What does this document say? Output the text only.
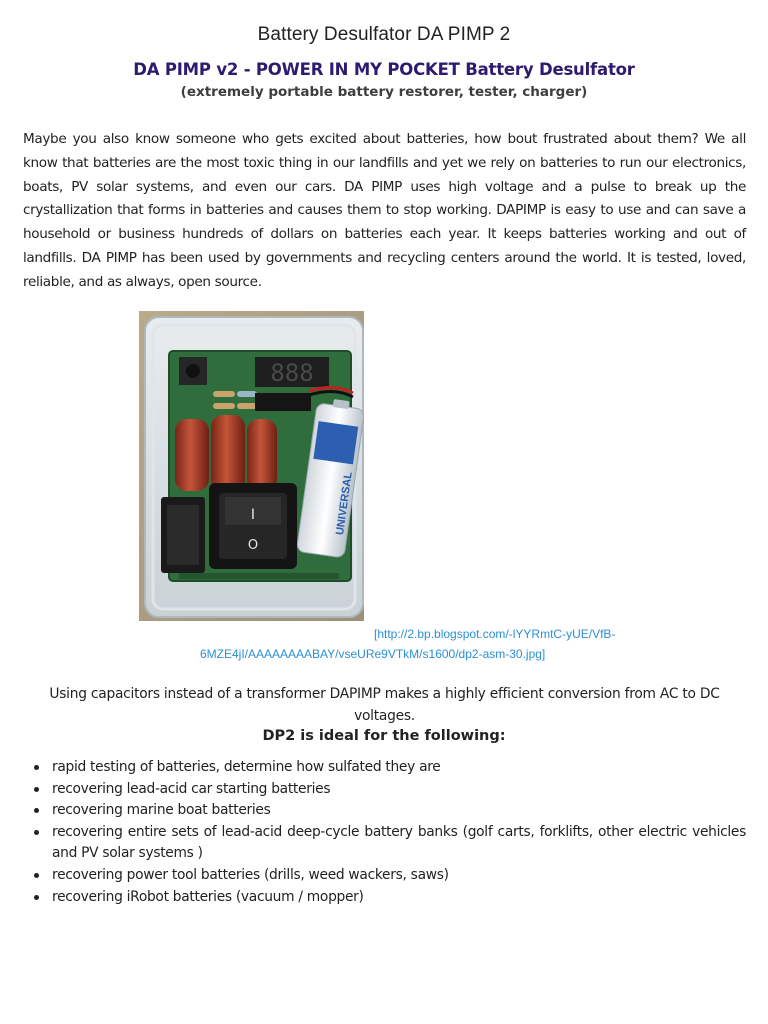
Battery Desulfator DA PIMP 2
DA PIMP v2 - POWER IN MY POCKET Battery Desulfator
(extremely portable battery restorer, tester, charger)

Maybe you also know someone who gets excited about batteries, how bout frustrated about them? We all know that batteries are the most toxic thing in our landfills and yet we rely on batteries to run our electronics, boats, PV solar systems, and even our cars. DA PIMP uses high voltage and a pulse to break up the crystallization that forms in batteries and causes them to stop working. DAPIMP is easy to use and can save a household or business hundreds of dollars on batteries each year. It keeps batteries working and out of landfills. DA PIMP has been used by governments and recycling centers around the world. It is tested, loved, reliable, and as always, open source.

888
UNIVERSAL
I
O
[http://2.bp.blogspot.com/-lYYRmtC-yUE/VfB-
6MZE4jI/AAAAAAAABAY/vseURe9VTkM/s1600/dp2-asm-30.jpg]
Using capacitors instead of a transformer DAPIMP makes a highly efficient conversion from AC to DC voltages.
DP2 is ideal for the following:
rapid testing of batteries, determine how sulfated they are
recovering lead-acid car starting batteries
recovering marine boat batteries
recovering entire sets of lead-acid deep-cycle battery banks (golf carts, forklifts, other electric vehicles and PV solar systems )
recovering power tool batteries (drills, weed wackers, saws)
recovering iRobot batteries (vacuum / mopper)
